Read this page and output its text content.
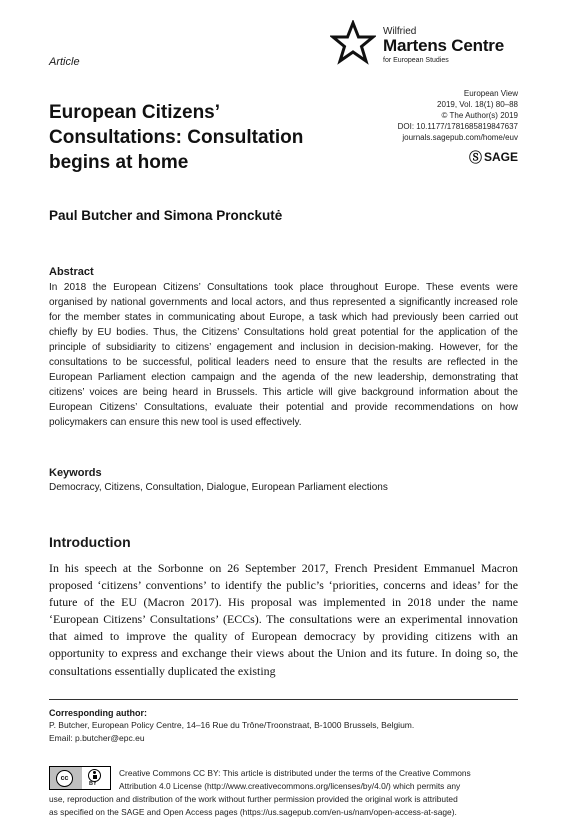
Article
Wilfried
Martens Centre
for European Studies
European Citizens’ Consultations: Consultation begins at home
European View
2019, Vol. 18(1) 80–88
© The Author(s) 2019
DOI: 10.1177/1781685819847637
journals.sagepub.com/home/euv
Ⓢ SAGE
Paul Butcher and Simona Pronckutė
Abstract
In 2018 the European Citizens’ Consultations took place throughout Europe. These events were organised by national governments and local actors, and thus represented a significantly increased role for the member states in communicating about Europe, a task which had previously been carried out chiefly by EU bodies. Thus, the Citizens’ Consultations hold great potential for the application of the principle of subsidiarity to citizens’ engagement and inclusion in decision-making. However, for the consultations to be successful, political leaders need to ensure that the results are reflected in the European Parliament election campaign and the agenda of the new leadership, demonstrating that citizens’ voices are being heard in Brussels. This article will give background information about the European Citizens’ Consultations, evaluate their potential and provide recommendations on how policymakers can ensure this new tool is used effectively.
Keywords
Democracy, Citizens, Consultation, Dialogue, European Parliament elections
Introduction
In his speech at the Sorbonne on 26 September 2017, French President Emmanuel Macron proposed ‘citizens’ conventions’ to identify the public’s ‘priorities, concerns and ideas’ for the future of the EU (Macron 2017). His proposal was implemented in 2018 under the name ‘European Citizens’ Consultations’ (ECCs). The consultations were an experimental innovation that aimed to improve the quality of European democracy by providing citizens with an opportunity to express and exchange their views about the Union and its future. In doing so, the consultations essentially duplicated the existing
Corresponding author:
P. Butcher, European Policy Centre, 14–16 Rue du Trône/Troonstraat, B-1000 Brussels, Belgium.
Email: p.butcher@epc.eu
cc
BY
Creative Commons CC BY: This article is distributed under the terms of the Creative Commons
Attribution 4.0 License (http://www.creativecommons.org/licenses/by/4.0/) which permits any
use, reproduction and distribution of the work without further permission provided the original work is attributed
as specified on the SAGE and Open Access pages (https://us.sagepub.com/en-us/nam/open-access-at-sage).
